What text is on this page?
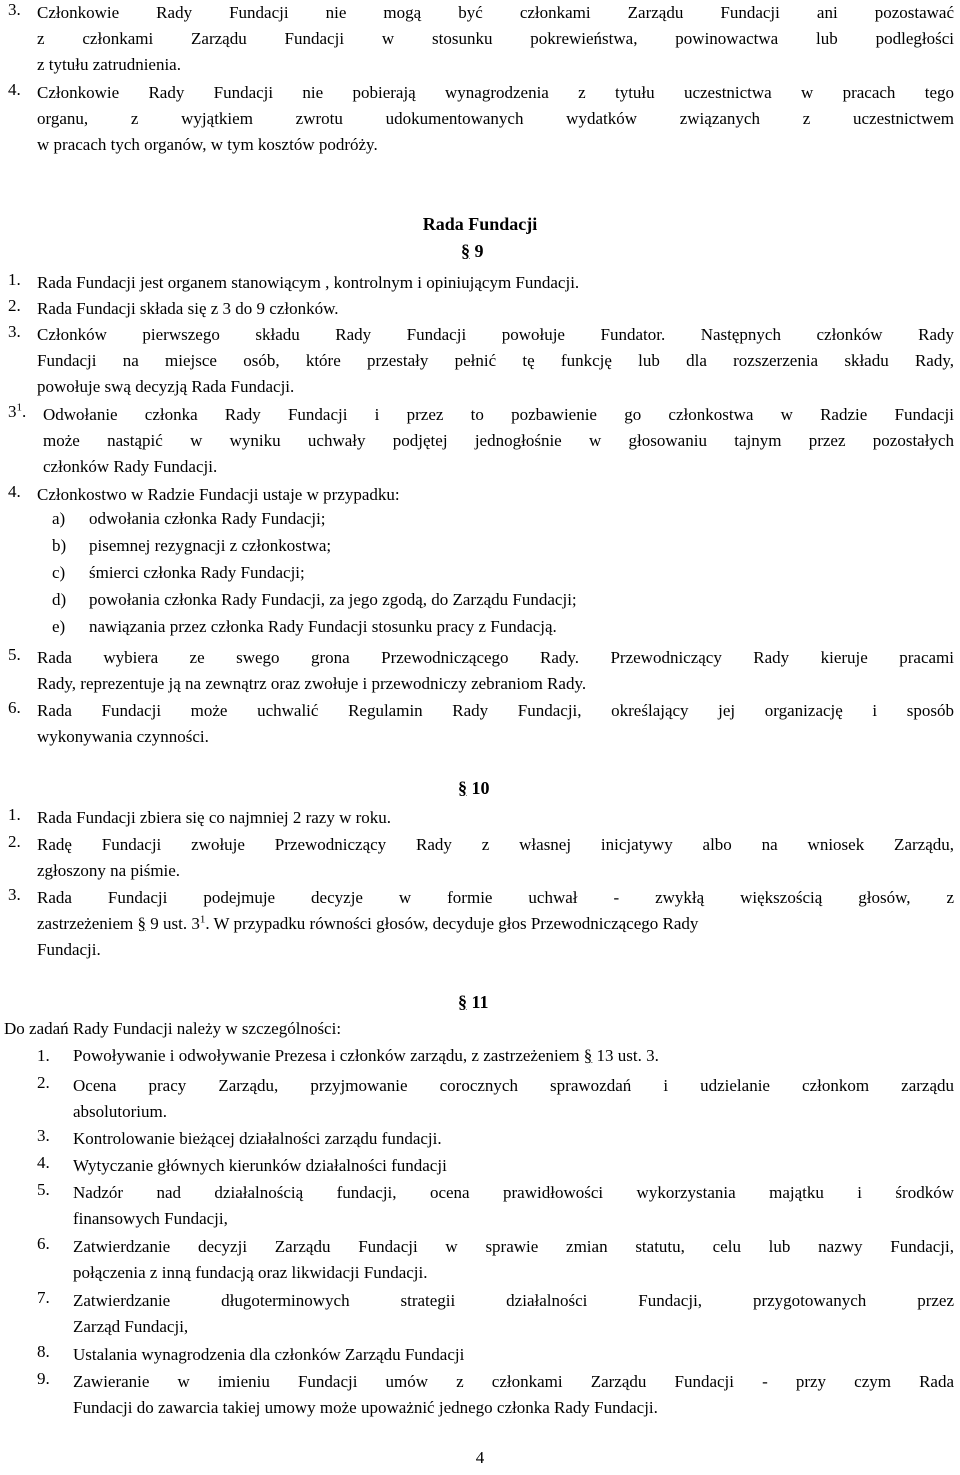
3. Członkowie Rady Fundacji nie mogą być członkami Zarządu Fundacji ani pozostawać
z członkami Zarządu Fundacji w stosunku pokrewieństwa, powinowactwa lub podległości
z tytułu zatrudnienia.
4. Członkowie Rady Fundacji nie pobierają wynagrodzenia z tytułu uczestnictwa w pracach tego
organu, z wyjątkiem zwrotu udokumentowanych wydatków związanych z uczestnictwem
w pracach tych organów, w tym kosztów podróży.
Rada Fundacji
§ 9
1. Rada Fundacji jest organem stanowiącym , kontrolnym i opiniującym Fundacji.
2. Rada Fundacji składa się z 3 do 9 członków.
3. Członków pierwszego składu Rady Fundacji powołuje Fundator. Następnych członków Rady
Fundacji na miejsce osób, które przestały pełnić tę funkcję lub dla rozszerzenia składu Rady,
powołuje swą decyzją Rada Fundacji.
$3^1$. Odwołanie członka Rady Fundacji i przez to pozbawienie go członkostwa w Radzie Fundacji
może nastąpić w wyniku uchwały podjętej jednogłośnie w głosowaniu tajnym przez pozostałych
członków Rady Fundacji.
4. Członkostwo w Radzie Fundacji ustaje w przypadku:
a) odwołania członka Rady Fundacji;
b) pisemnej rezygnacji z członkostwa;
c) śmierci członka Rady Fundacji;
d) powołania członka Rady Fundacji, za jego zgodą, do Zarządu Fundacji;
e) nawiązania przez członka Rady Fundacji stosunku pracy z Fundacją.
5. Rada wybiera ze swego grona Przewodniczącego Rady. Przewodniczący Rady kieruje pracami
Rady, reprezentuje ją na zewnątrz oraz zwołuje i przewodniczy zebraniom Rady.
6. Rada Fundacji może uchwalić Regulamin Rady Fundacji, określający jej organizację i sposób
wykonywania czynności.
§ 10
1. Rada Fundacji zbiera się co najmniej 2 razy w roku.
2. Radę Fundacji zwołuje Przewodniczący Rady z własnej inicjatywy albo na wniosek Zarządu,
zgłoszony na piśmie.
3. Rada Fundacji podejmuje decyzje w formie uchwał - zwykłą większością głosów, z
zastrzeżeniem § 9 ust. $3^1$. W przypadku równości głosów, decyduje głos Przewodniczącego Rady
Fundacji.
§ 11
Do zadań Rady Fundacji należy w szczególności:
1. Powoływanie i odwoływanie Prezesa i członków zarządu, z zastrzeżeniem § 13 ust. 3.
2. Ocena pracy Zarządu, przyjmowanie corocznych sprawozdań i udzielanie członkom zarządu
absolutorium.
3. Kontrolowanie bieżącej działalności zarządu fundacji.
4. Wytyczanie głównych kierunków działalności fundacji
5. Nadzór nad działalnością fundacji, ocena prawidłowości wykorzystania majątku i środków
finansowych Fundacji,
6. Zatwierdzanie decyzji Zarządu Fundacji w sprawie zmian statutu, celu lub nazwy Fundacji,
połączenia z inną fundacją oraz likwidacji Fundacji.
7. Zatwierdzanie długoterminowych strategii działalności Fundacji, przygotowanych przez
Zarząd Fundacji,
8. Ustalania wynagrodzenia dla członków Zarządu Fundacji
9. Zawieranie w imieniu Fundacji umów z członkami Zarządu Fundacji - przy czym Rada
Fundacji do zawarcia takiej umowy może upoważnić jednego członka Rady Fundacji.
4
